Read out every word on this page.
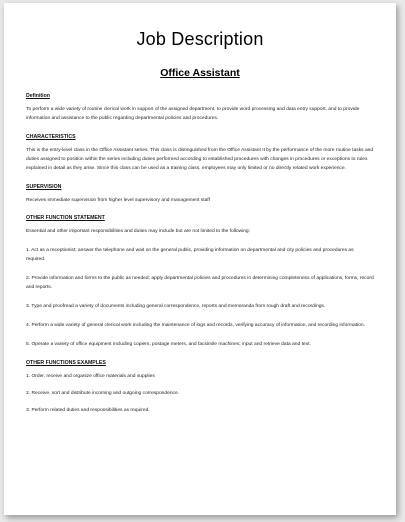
Job Description
Office Assistant
Definition

To perform a wide variety of routine clerical work in support of the assigned department, to provide word processing and data entry support, and to provide information and assistance to the public regarding departmental policies and procedures.

CHARACTERISTICS

This is the entry-level class in the Office Assistant series. This class is distinguished from the Office Assistant II by the performance of the more routine tasks and duties assigned to position within the series including duties performed according to established procedures with changes in procedures or exceptions to rules explained in detail as they arise. Since this class can be used as a training class, employees may only limited or no directly related work experience.

SUPERVISION

Receives immediate supervision from higher level supervisory and management staff

OTHER FUNCTION STATEMENT

Essential and other important responsibilities and duties may include but are not limited to the following:

1. Act as a receptionist; answer the telephone and wait on the general public, providing information on departmental and city policies and procedures as required.

2. Provide information and forms to the public as needed; apply departmental policies and procedures in determining completeness of applications, forms, record and reports.

3. Type and proofread a variety of documents including general correspondence, reports and memoranda from rough draft and recordings.

4. Perform a wide variety of general clerical work including the maintenance of logs and records, verifying accuracy of information, and recording information.

5. Operate a variety of office equipment including copiers, postage meters, and facsimile machines; input and retrieve data and text.

OTHER FUNCTIONS EXAMPLES

1. Order, receive and organize office materials and supplies

2. Receive, sort and distribute incoming and outgoing correspondence.

3. Perform related duties and responsibilities as required.
